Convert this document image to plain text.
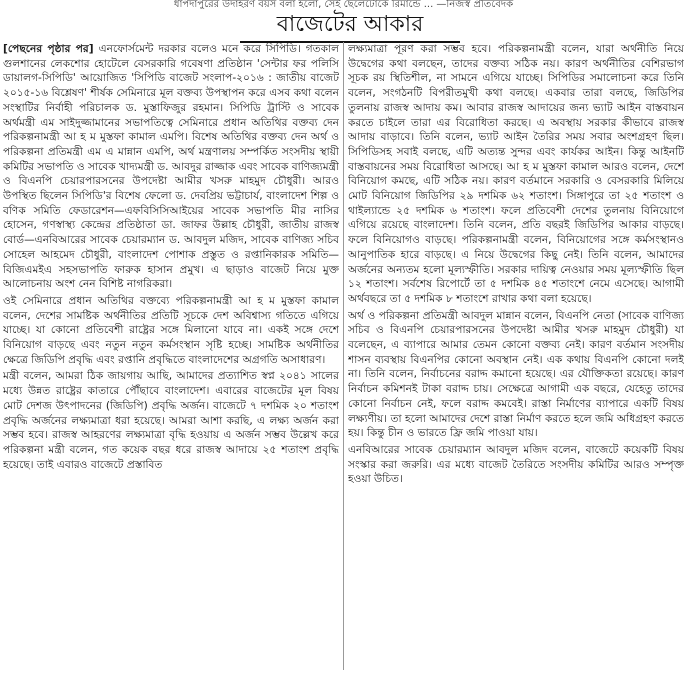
ধাপদাপুরের উদাহরণ বয়স বলা হলো, সেই ছেলেটোকে রিমান্ডে ... —নিজস্ব প্রতিবেদক
বাজেটের আকার

[পেছনের পৃষ্ঠার পর] এনফোর্সমেন্ট দরকার বলেও মনে করে সিপিডি। গতকাল গুলশানের লেকশোর হোটেলে বেসরকারি গবেষণা প্রতিষ্ঠান 'সেন্টার ফর পলিসি ডায়ালগ-সিপিডি' আয়োজিত 'সিপিডি বাজেট সংলাপ-২০১৬ : জাতীয় বাজেট ২০১৫-১৬ বিশ্লেষণ' শীর্ষক সেমিনারে মূল বক্তব্য উপস্থাপন করে এসব কথা বলেন সংস্থাটির নির্বাহী পরিচালক ড. মুস্তাফিজুর রহমান। সিপিডি ট্রাস্টি ও সাবেক অর্থমন্ত্রী এম সাইদুজ্জামানের সভাপতিত্বে সেমিনারে প্রধান অতিথির বক্তব্য দেন পরিকল্পনামন্ত্রী আ হ ম মুস্তফা কামাল এমপি। বিশেষ অতিথির বক্তব্য দেন অর্থ ও পরিকল্পনা প্রতিমন্ত্রী এম এ মান্নান এমপি, অর্থ মন্ত্রণালয় সম্পর্কিত সংসদীয় স্থায়ী কমিটির সভাপতি ও সাবেক খাদ্যমন্ত্রী ড. আবদুর রাজ্জাক এবং সাবেক বাণিজ্যমন্ত্রী ও বিএনপি চেয়ারপারসনের উপদেষ্টা আমীর খসরু মাহমুদ চৌধুরী। আরও উপস্থিত ছিলেন সিপিডি'র বিশেষ ফেলো ড. দেবপ্রিয় ভট্টাচার্য, বাংলাদেশ শিল্প ও বণিক সমিতি ফেডারেশন—এফবিসিসিআইয়ের সাবেক সভাপতি মীর নাসির হোসেন, গণস্বাস্থ্য কেন্দ্রের প্রতিষ্ঠাতা ডা. জাফর উল্লাহ চৌধুরী, জাতীয় রাজস্ব বোর্ড—এনবিআরের সাবেক চেয়ারম্যান ড. আবদুল মজিদ, সাবেক বাণিজ্য সচিব সোহেল আহমেদ চৌধুরী, বাংলাদেশ পোশাক প্রস্তুত ও রপ্তানিকারক সমিতি—বিজিএমইএ সহসভাপতি ফারুক হাসান প্রমুখ। এ ছাড়াও বাজেট নিয়ে মুক্ত আলোচনায় অংশ নেন বিশিষ্ট নাগরিকরা।

ওই সেমিনারে প্রধান অতিথির বক্তব্যে পরিকল্পনামন্ত্রী আ হ ম মুস্তফা কামাল বলেন, দেশের সামষ্টিক অর্থনীতির প্রতিটি সূচকে দেশ অবিশ্বাস্য গতিতে এগিয়ে যাচ্ছে। যা কোনো প্রতিবেশী রাষ্ট্রের সঙ্গে মিলানো যাবে না। একই সঙ্গে দেশে বিনিয়োগ বাড়ছে এবং নতুন নতুন কর্মসংস্থান সৃষ্টি হচ্ছে। সামষ্টিক অর্থনীতির ক্ষেত্রে জিডিপি প্রবৃদ্ধি এবং রপ্তানি প্রবৃদ্ধিতে বাংলাদেশের অগ্রগতি অসাধারণ।

মন্ত্রী বলেন, আমরা ঠিক জায়গায় আছি, আমাদের প্রত্যাশিত স্বপ্ন ২০৪১ সালের মধ্যে উন্নত রাষ্ট্রের কাতারে পৌঁছাবে বাংলাদেশ। এবারের বাজেটের মূল বিষয় মোট দেশজ উৎপাদনের (জিডিপি) প্রবৃদ্ধি অর্জন। বাজেটে ৭ দশমিক ২০ শতাংশ প্রবৃদ্ধি অর্জনের লক্ষ্যমাত্রা ধরা হয়েছে। আমরা আশা করছি, এ লক্ষ্য অর্জন করা সম্ভব হবে। রাজস্ব আহরণের লক্ষ্যমাত্রা বৃদ্ধি হওয়ায় এ অর্জন সম্ভব উল্লেখ করে পরিকল্পনা মন্ত্রী বলেন, গত কয়েক বছর ধরে রাজস্ব আদায়ে ২৫ শতাংশ প্রবৃদ্ধি হয়েছে। তাই এবারও বাজেটে প্রস্তাবিত

লক্ষ্যমাত্রা পূরণ করা সম্ভব হবে। পরিকল্পনামন্ত্রী বলেন, যারা অর্থনীতি নিয়ে উদ্বেগের কথা বলছেন, তাদের বক্তব্য সঠিক নয়। কারণ অর্থনীতির বেশিরভাগ সূচক রয় স্থিতিশীল, না সামনে এগিয়ে যাচ্ছে। সিপিডির সমালোচনা করে তিনি বলেন, সংগঠনটি বিপরীতমুখী কথা বলছে। একবার তারা বলছে, জিডিপির তুলনায় রাজস্ব আদায় কম। আবার রাজস্ব আদায়ের জন্য ভ্যাট আইন বাস্তবায়ন করতে চাইলে তারা এর বিরোধিতা করছে। এ অবস্থায় সরকার কীভাবে রাজস্ব আদায় বাড়াবে। তিনি বলেন, ভ্যাট আইন তৈরির সময় সবার অংশগ্রহণ ছিল। সিপিডিসহ সবাই বলছে, এটি অত্যন্ত সুন্দর এবং কার্যকর আইন। কিন্তু আইনটি বাস্তবায়নের সময় বিরোধিতা আসছে। আ হ ম মুস্তফা কামাল আরও বলেন, দেশে বিনিয়োগ কমছে, এটি সঠিক নয়। কারণ বর্তমানে সরকারি ও বেসরকারি মিলিয়ে মোট বিনিয়োগ জিডিপির ২৯ দশমিক ৬২ শতাংশ। সিঙ্গাপুরে তা ২৫ শতাংশ ও থাইল্যান্ডে ২৫ দশমিক ৬ শতাংশ। ফলে প্রতিবেশী দেশের তুলনায় বিনিয়োগে এগিয়ে রয়েছে বাংলাদেশ। তিনি বলেন, প্রতি বছরই জিডিপির আকার বাড়ছে। ফলে বিনিয়োগও বাড়ছে। পরিকল্পনামন্ত্রী বলেন, বিনিয়োগের সঙ্গে কর্মসংস্থানও আনুপাতিক হারে বাড়ছে। এ নিয়ে উদ্বেগের কিছু নেই। তিনি বলেন, আমাদের অর্জনের অন্যতম হলো মূল্যস্ফীতি। সরকার দায়িত্ব নেওয়ার সময় মূল্যস্ফীতি ছিল ১২ শতাংশ। সর্বশেষ রিপোর্টে তা ৫ দশমিক ৪৫ শতাংশে নেমে এসেছে। আগামী অর্থবছরে তা ৫ দশমিক ৮ শতাংশে রাখার কথা বলা হয়েছে।

অর্থ ও পরিকল্পনা প্রতিমন্ত্রী আবদুল মান্নান বলেন, বিএনপি নেতা (সাবেক বাণিজ্য সচিব ও বিএনপি চেয়ারপারসনের উপদেষ্টা আমীর খসরু মাহমুদ চৌধুরী) যা বলেছেন, এ ব্যাপারে আমার তেমন কোনো বক্তব্য নেই। কারণ বর্তমান সংসদীয় শাসন ব্যবস্থায় বিএনপির কোনো অবস্থান নেই। এক কথায় বিএনপি কোনো দলই না। তিনি বলেন, নির্বাচনের বরাদ্দ কমানো হয়েছে। এর যৌক্তিকতা রয়েছে। কারণ নির্বাচন কমিশনই টাকা বরাদ্দ চায়। সেক্ষেত্রে আগামী এক বছরে, যেহেতু তাদের কোনো নির্বাচন নেই, ফলে বরাদ্দ কমবেই। রাস্তা নির্মাণের ব্যাপারে একটি বিষয় লক্ষ্যণীয়। তা হলো আমাদের দেশে রাস্তা নির্মাণ করতে হলে জমি অধিগ্রহণ করতে হয়। কিন্তু চীন ও ভারতে ফ্রি জমি পাওয়া যায়।

এনবিআরের সাবেক চেয়ারম্যান আবদুল মজিদ বলেন, বাজেটে কয়েকটি বিষয় সংস্কার করা জরুরি। এর মধ্যে বাজেট তৈরিতে সংসদীয় কমিটির আরও সম্পৃক্ত হওয়া উচিত।
